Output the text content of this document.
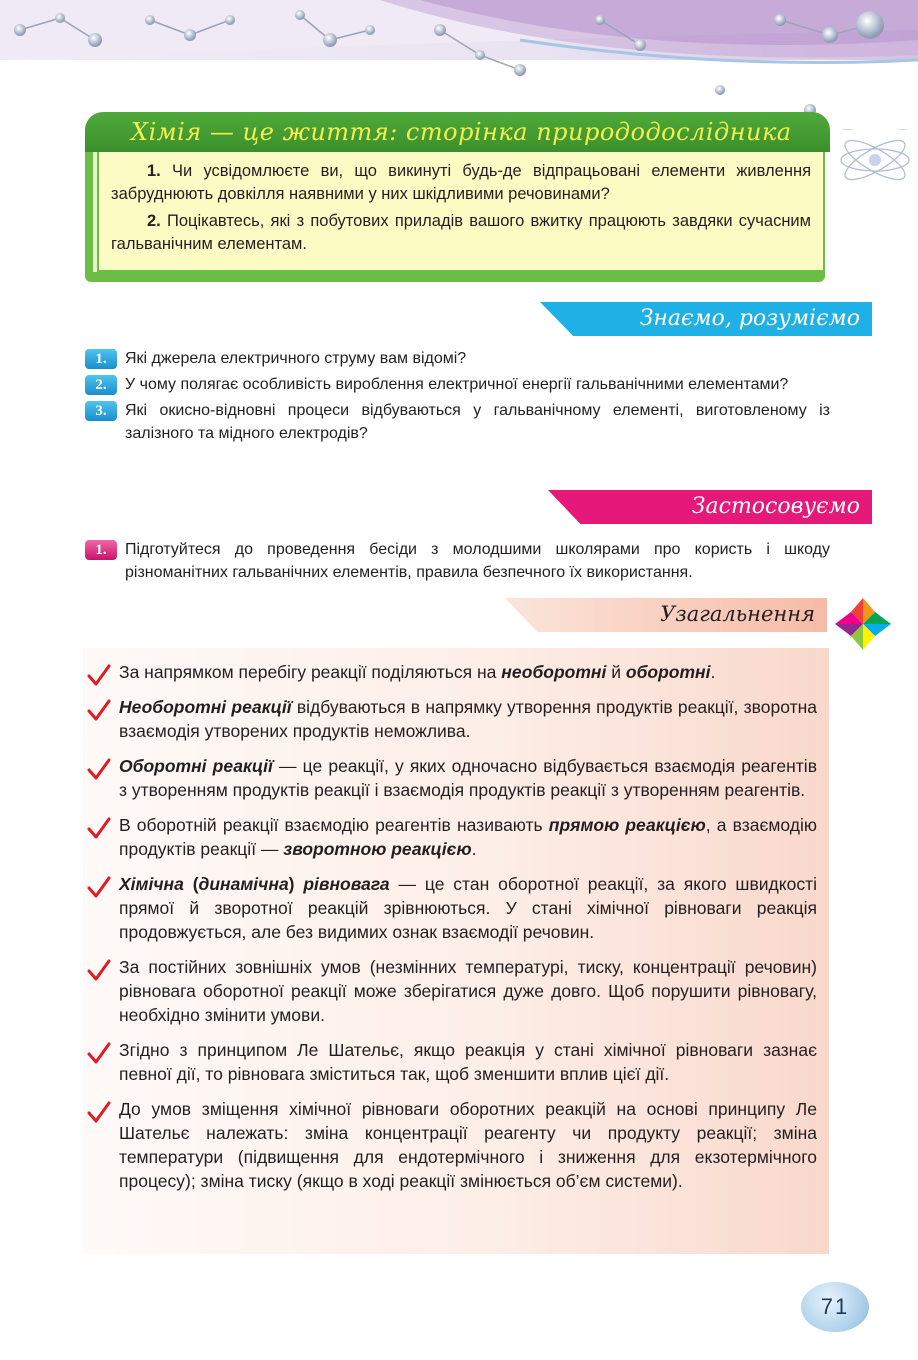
Хімія — це життя: сторінка природодослідника

1. Чи усвідомлюєте ви, що викинуті будь-де відпрацьовані елементи живлення забруднюють довкілля наявними у них шкідливими речовинами?

2. Поцікавтесь, які з побутових приладів вашого вжитку працюють завдяки сучасним гальванічним елементам.

Знаємо, розуміємо
1.	Які джерела електричного струму вам відомі?
2.	У чому полягає особливість вироблення електричної енергії гальванічними елементами?
3.	Які окисно-відновні процеси відбуваються у гальванічному елементі, виготовленому із залізного та мідного електродів?
Застосовуємо
1.	Підготуйтеся до проведення бесіди з молодшими школярами про користь і шкоду різноманітних гальванічних елементів, правила безпечного їх використання.
Узагальнення
За напрямком перебігу реакції поділяються на необоротні й оборотні.
Необоротні реакції відбуваються в напрямку утворення продуктів реакції, зворотна взаємодія утворених продуктів неможлива.
Оборотні реакції — це реакції, у яких одночасно відбувається взаємодія реагентів з утворенням продуктів реакції і взаємодія продуктів реакції з утворенням реагентів.
В оборотній реакції взаємодію реагентів називають прямою реакцією, а взаємодію продуктів реакції — зворотною реакцією.
Хімічна (динамічна) рівновага — це стан оборотної реакції, за якого швидкості прямої й зворотної реакцій зрівнюються. У стані хімічної рівноваги реакція продовжується, але без видимих ознак взаємодії речовин.
За постійних зовнішніх умов (незмінних температурі, тиску, концентрації речовин) рівновага оборотної реакції може зберігатися дуже довго. Щоб порушити рівновагу, необхідно змінити умови.
Згідно з принципом Ле Шательє, якщо реакція у стані хімічної рівноваги зазнає певної дії, то рівновага зміститься так, щоб зменшити вплив цієї дії.
До умов зміщення хімічної рівноваги оборотних реакцій на основі принципу Ле Шательє належать: зміна концентрації реагенту чи продукту реакції; зміна температури (підвищення для ендотермічного і зниження для екзотермічного процесу); зміна тиску (якщо в ході реакції змінюється об’єм системи).
71
